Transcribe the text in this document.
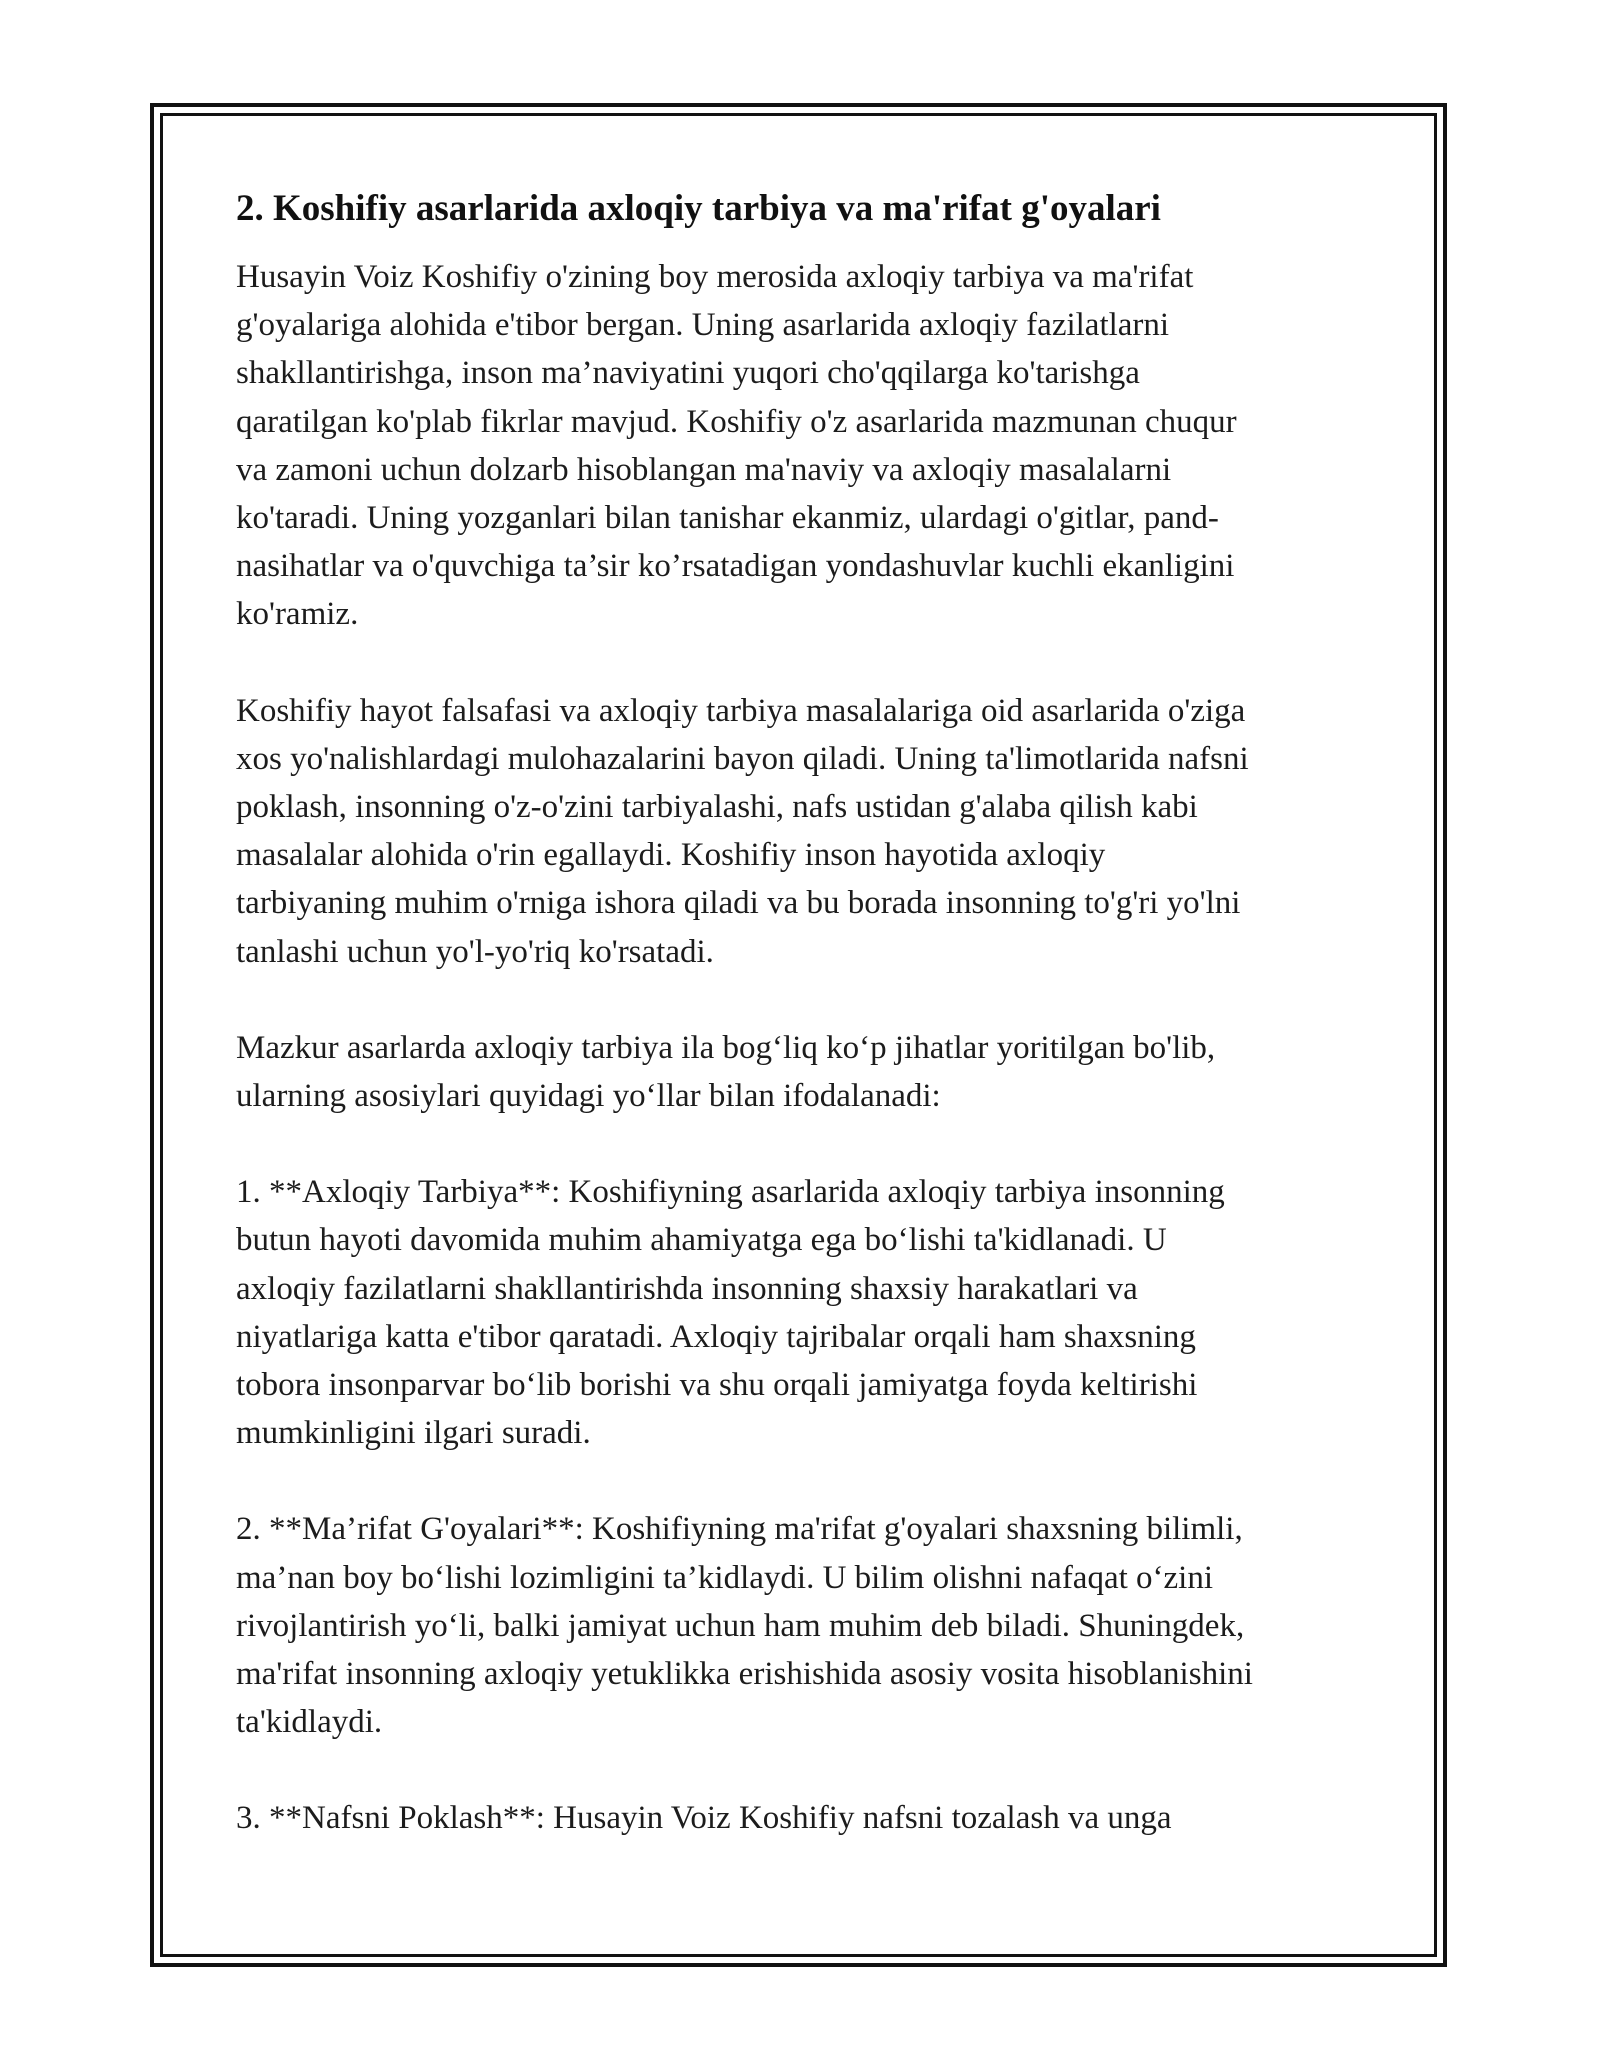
2. Koshifiy asarlarida axloqiy tarbiya va ma'rifat g'oyalari

Husayin Voiz Koshifiy o'zining boy merosida axloqiy tarbiya va ma'rifat
g'oyalariga alohida e'tibor bergan. Uning asarlarida axloqiy fazilatlarni
shakllantirishga, inson ma’naviyatini yuqori cho'qqilarga ko'tarishga
qaratilgan ko'plab fikrlar mavjud. Koshifiy o'z asarlarida mazmunan chuqur
va zamoni uchun dolzarb hisoblangan ma'naviy va axloqiy masalalarni
ko'taradi. Uning yozganlari bilan tanishar ekanmiz, ulardagi o'gitlar, pand-
nasihatlar va o'quvchiga ta’sir ko’rsatadigan yondashuvlar kuchli ekanligini
ko'ramiz.

Koshifiy hayot falsafasi va axloqiy tarbiya masalalariga oid asarlarida o'ziga
xos yo'nalishlardagi mulohazalarini bayon qiladi. Uning ta'limotlarida nafsni
poklash, insonning o'z-o'zini tarbiyalashi, nafs ustidan g'alaba qilish kabi
masalalar alohida o'rin egallaydi. Koshifiy inson hayotida axloqiy
tarbiyaning muhim o'rniga ishora qiladi va bu borada insonning to'g'ri yo'lni
tanlashi uchun yo'l-yo'riq ko'rsatadi.

Mazkur asarlarda axloqiy tarbiya ila bog‘liq ko‘p jihatlar yoritilgan bo'lib,
ularning asosiylari quyidagi yo‘llar bilan ifodalanadi:

1. **Axloqiy Tarbiya**: Koshifiyning asarlarida axloqiy tarbiya insonning
butun hayoti davomida muhim ahamiyatga ega bo‘lishi ta'kidlanadi. U
axloqiy fazilatlarni shakllantirishda insonning shaxsiy harakatlari va
niyatlariga katta e'tibor qaratadi. Axloqiy tajribalar orqali ham shaxsning
tobora insonparvar bo‘lib borishi va shu orqali jamiyatga foyda keltirishi
mumkinligini ilgari suradi.

2. **Ma’rifat G'oyalari**: Koshifiyning ma'rifat g'oyalari shaxsning bilimli,
ma’nan boy bo‘lishi lozimligini ta’kidlaydi. U bilim olishni nafaqat o‘zini
rivojlantirish yo‘li, balki jamiyat uchun ham muhim deb biladi. Shuningdek,
ma'rifat insonning axloqiy yetuklikka erishishida asosiy vosita hisoblanishini
ta'kidlaydi.

3. **Nafsni Poklash**: Husayin Voiz Koshifiy nafsni tozalash va unga
